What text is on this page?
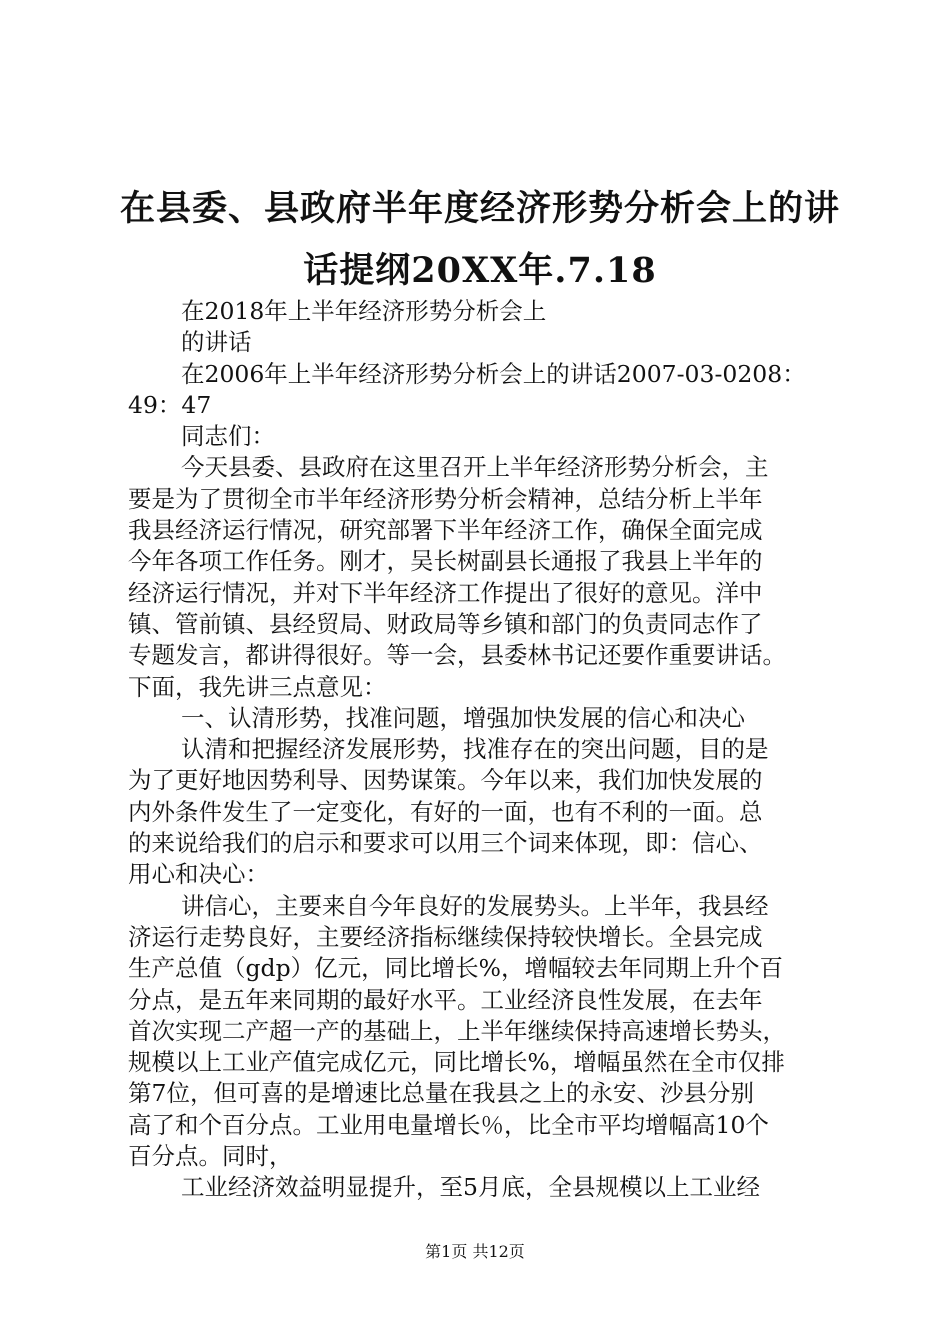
在县委、县政府半年度经济形势分析会上的讲
话提纲20XX年.7.18

在2018年上半年经济形势分析会上

的讲话

在2006年上半年经济形势分析会上的讲话2007-03-0208：

49：47

同志们：

今天县委、县政府在这里召开上半年经济形势分析会，主

要是为了贯彻全市半年经济形势分析会精神，总结分析上半年

我县经济运行情况，研究部署下半年经济工作，确保全面完成

今年各项工作任务。刚才，吴长树副县长通报了我县上半年的

经济运行情况，并对下半年经济工作提出了很好的意见。洋中

镇、管前镇、县经贸局、财政局等乡镇和部门的负责同志作了

专题发言，都讲得很好。等一会，县委林书记还要作重要讲话。

下面，我先讲三点意见：

一、认清形势，找准问题，增强加快发展的信心和决心

认清和把握经济发展形势，找准存在的突出问题，目的是

为了更好地因势利导、因势谋策。今年以来，我们加快发展的

内外条件发生了一定变化，有好的一面，也有不利的一面。总

的来说给我们的启示和要求可以用三个词来体现，即：信心、

用心和决心：

讲信心，主要来自今年良好的发展势头。上半年，我县经

济运行走势良好，主要经济指标继续保持较快增长。全县完成

生产总值（gdp）亿元，同比增长%，增幅较去年同期上升个百

分点，是五年来同期的最好水平。工业经济良性发展，在去年

首次实现二产超一产的基础上，上半年继续保持高速增长势头，

规模以上工业产值完成亿元，同比增长%，增幅虽然在全市仅排

第7位，但可喜的是增速比总量在我县之上的永安、沙县分别

高了和个百分点。工业用电量增长％，比全市平均增幅高10个

百分点。同时，

工业经济效益明显提升，至5月底，全县规模以上工业经

第1页 共12页
